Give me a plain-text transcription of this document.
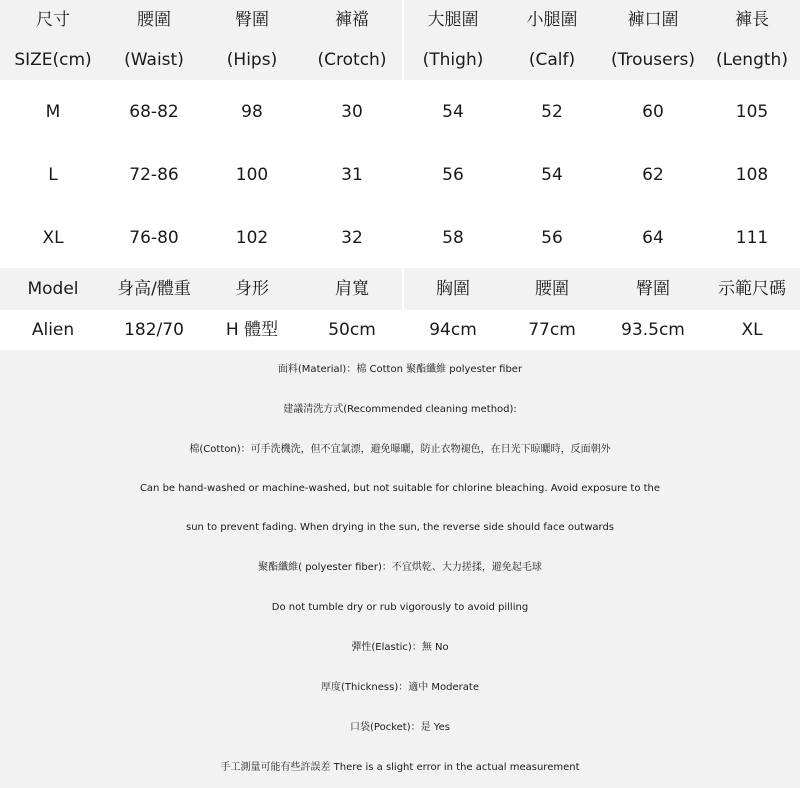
尺寸	腰圍	臀圍	褲襠	大腿圍	小腿圍	褲口圍	褲長
SIZE(cm)	(Waist)	(Hips)	(Crotch)	(Thigh)	(Calf)	(Trousers)	(Length)
M	68-82	98	30	54	52	60	105
L	72-86	100	31	56	54	62	108
XL	76-80	102	32	58	56	64	111
Model	身高/體重	身形	肩寬	胸圍	腰圍	臀圍	示範尺碼
Alien	182/70	H 體型	50cm	94cm	77cm	93.5cm	XL
面料(Material)：棉 Cotton 聚酯纖維 polyester fiber
建議清洗方式(Recommended cleaning method):
棉(Cotton)：可手洗機洗，但不宜氯漂，避免曝曬，防止衣物褪色，在日光下晾曬時，反面朝外
Can be hand-washed or machine-washed, but not suitable for chlorine bleaching. Avoid exposure to the
sun to prevent fading. When drying in the sun, the reverse side should face outwards
聚酯纖維( polyester fiber)：不宜烘乾、大力搓揉，避免起毛球
Do not tumble dry or rub vigorously to avoid pilling
彈性(Elastic)：無 No
厚度(Thickness)：適中 Moderate
口袋(Pocket)：是 Yes
手工測量可能有些許誤差 There is a slight error in the actual measurement
